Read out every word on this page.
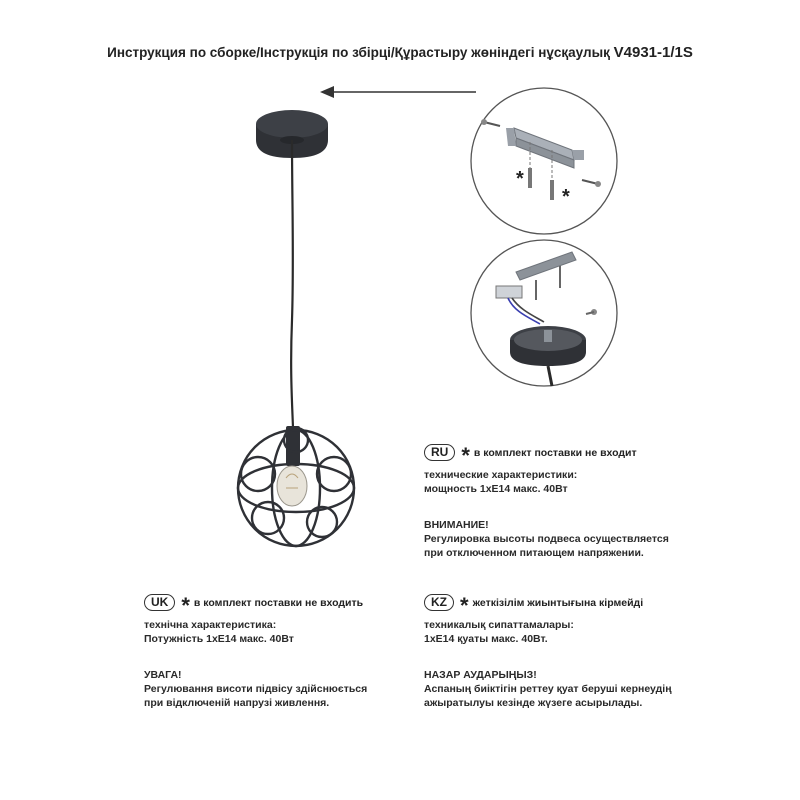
Инструкция по сборке/Інструкція по збірці/Құрастыру жөніндегі нұсқаулық V4931-1/1S
*
*
RU * в комплект поставки не входит
технические характеристики:
мощность 1xE14 макс. 40Вт
ВНИМАНИЕ!
Регулировка высоты подвеса осуществляется
при отключенном питающем напряжении.
UK * в комплект поставки не входить
технічна характеристика:
Потужність 1xE14 макс. 40Вт
УВАГА!
Регулювання висоти підвісу здійснюється
при відключеній напрузі живлення.
KZ * жеткізілім жиынтығына кірмейді
техникалық сипаттамалары:
1xE14 қуаты макс. 40Вт.
НАЗАР АУДАРЫҢЫЗ!
Аспаның биіктігін реттеу қуат беруші кернеудің
ажыратылуы кезінде жүзеге асырылады.
